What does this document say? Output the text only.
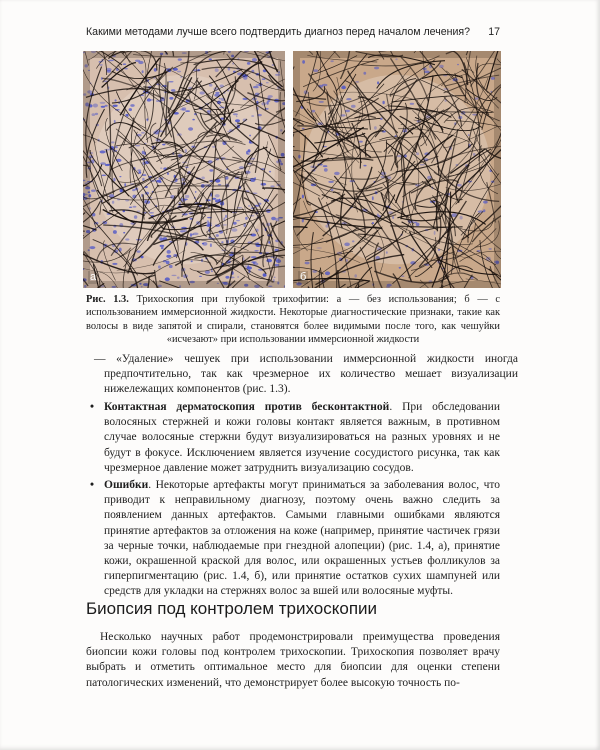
Какими методами лучше всего подтвердить диагноз перед началом лечения? 17
а	б
Рис. 1.3. Трихоскопия при глубокой трихофитии: а — без использования; б — с использованием иммерсионной жидкости. Некоторые диагностические признаки, такие как волосы в виде запятой и спирали, становятся более видимыми после того, как чешуйки «исчезают» при использовании иммерсионной жидкости
— «Удаление» чешуек при использовании иммерсионной жидкости иногда предпочтительно, так как чрезмерное их количество мешает визуализации нижележащих компонентов (рис. 1.3).
• Контактная дерматоскопия против бесконтактной. При обследовании волосяных стержней и кожи головы контакт является важным, в противном случае волосяные стержни будут визуализироваться на разных уровнях и не будут в фокусе. Исключением является изучение сосудистого рисунка, так как чрезмерное давление может затруднить визуализацию сосудов.
• Ошибки. Некоторые артефакты могут приниматься за заболевания волос, что приводит к неправильному диагнозу, поэтому очень важно следить за появлением данных артефактов. Самыми главными ошибками являются принятие артефактов за отложения на коже (например, принятие частичек грязи за черные точки, наблюдаемые при гнездной алопеции) (рис. 1.4, а), принятие кожи, окрашенной краской для волос, или окрашенных устьев фолликулов за гиперпигментацию (рис. 1.4, б), или принятие остатков сухих шампуней или средств для укладки на стержнях волос за вшей или волосяные муфты.
Биопсия под контролем трихоскопии
Несколько научных работ продемонстрировали преимущества проведения биопсии кожи головы под контролем трихоскопии. Трихоскопия позволяет врачу выбрать и отметить оптимальное место для биопсии для оценки степени патологических изменений, что демонстрирует более высокую точность по-
